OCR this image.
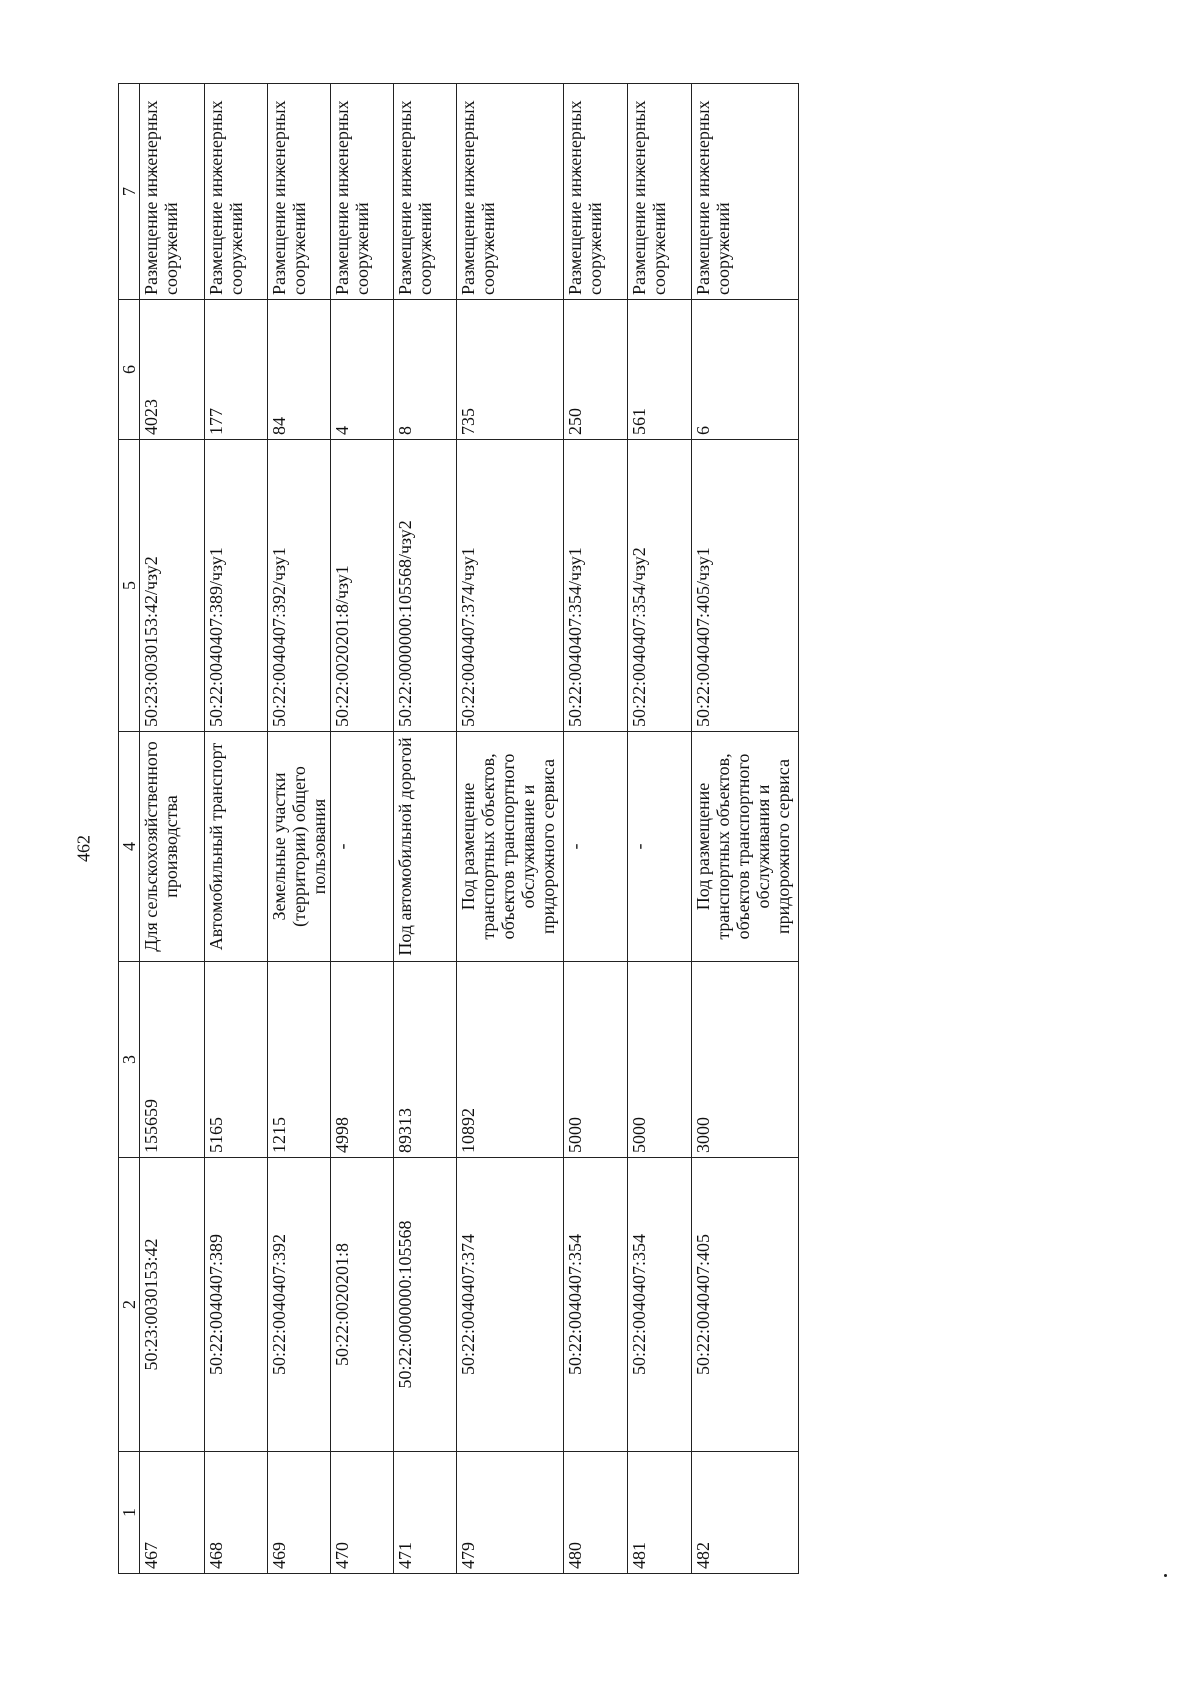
462
1	2	3	4	5	6	7
467	50:23:0030153:42	155659	Для сельскохозяйственного производства	50:23:0030153:42/чзу2	4023	Размещение инженерных сооружений
468	50:22:0040407:389	5165	Автомобильный транспорт	50:22:0040407:389/чзу1	177	Размещение инженерных сооружений
469	50:22:0040407:392	1215	Земельные участки (территории) общего пользования	50:22:0040407:392/чзу1	84	Размещение инженерных сооружений
470	50:22:0020201:8	4998	-	50:22:0020201:8/чзу1	4	Размещение инженерных сооружений
471	50:22:0000000:105568	89313	Под автомобильной дорогой	50:22:0000000:105568/чзу2	8	Размещение инженерных сооружений
479	50:22:0040407:374	10892	Под размещение транспортных объектов, объектов транспортного обслуживание и придорожного сервиса	50:22:0040407:374/чзу1	735	Размещение инженерных сооружений
480	50:22:0040407:354	5000	-	50:22:0040407:354/чзу1	250	Размещение инженерных сооружений
481	50:22:0040407:354	5000	-	50:22:0040407:354/чзу2	561	Размещение инженерных сооружений
482	50:22:0040407:405	3000	Под размещение транспортных объектов, объектов транспортного обслуживания и придорожного сервиса	50:22:0040407:405/чзу1	6	Размещение инженерных сооружений
